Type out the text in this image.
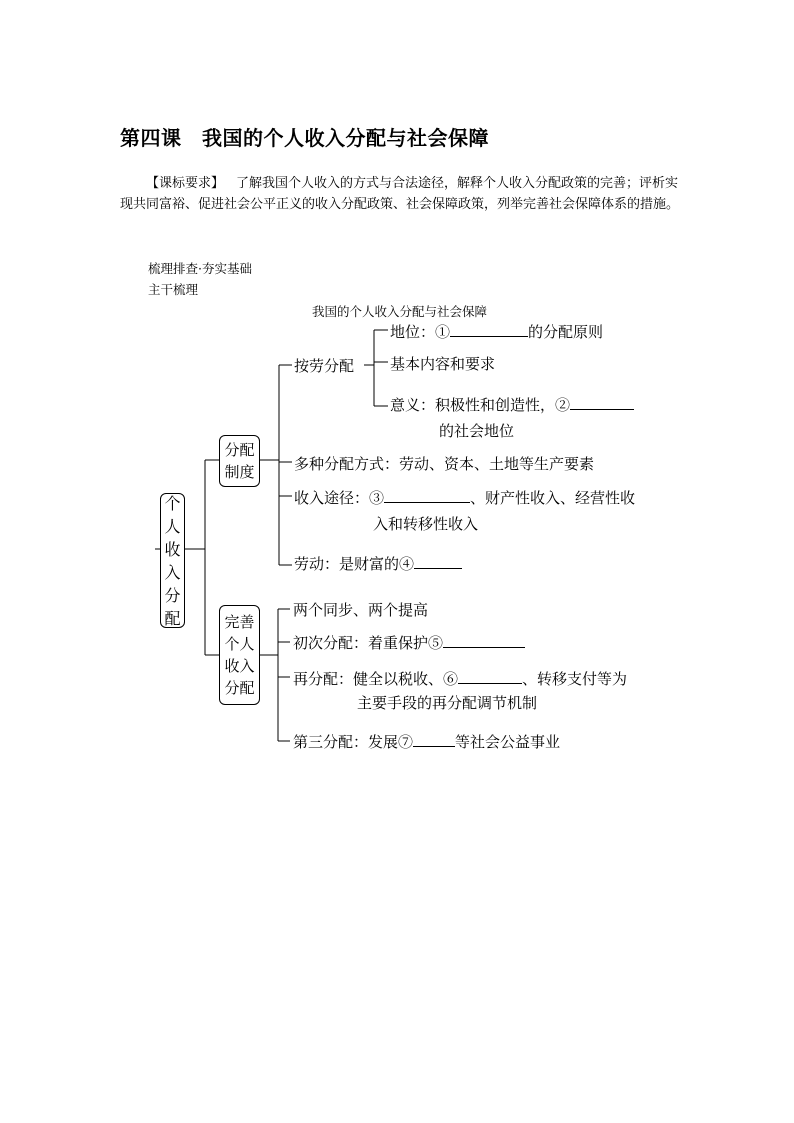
第四课　我国的个人收入分配与社会保障
【课标要求】 了解我国个人收入的方式与合法途径，解释个人收入分配政策的完善；评析实现共同富裕、促进社会公平正义的收入分配政策、社会保障政策，列举完善社会保障体系的措施。
梳理排查·夯实基础
主干梳理
我国的个人收入分配与社会保障
个人收入分配
分配制度
完善个人收入分配
按劳分配
地位：①	的分配原则
基本内容和要求
意义：积极性和创造性，②
的社会地位
多种分配方式：劳动、资本、土地等生产要素
收入途径：③	、财产性收入、经营性收
入和转移性收入
劳动：是财富的④
两个同步、两个提高
初次分配：着重保护⑤
再分配：健全以税收、⑥	、转移支付等为
主要手段的再分配调节机制
第三分配：发展⑦	等社会公益事业
